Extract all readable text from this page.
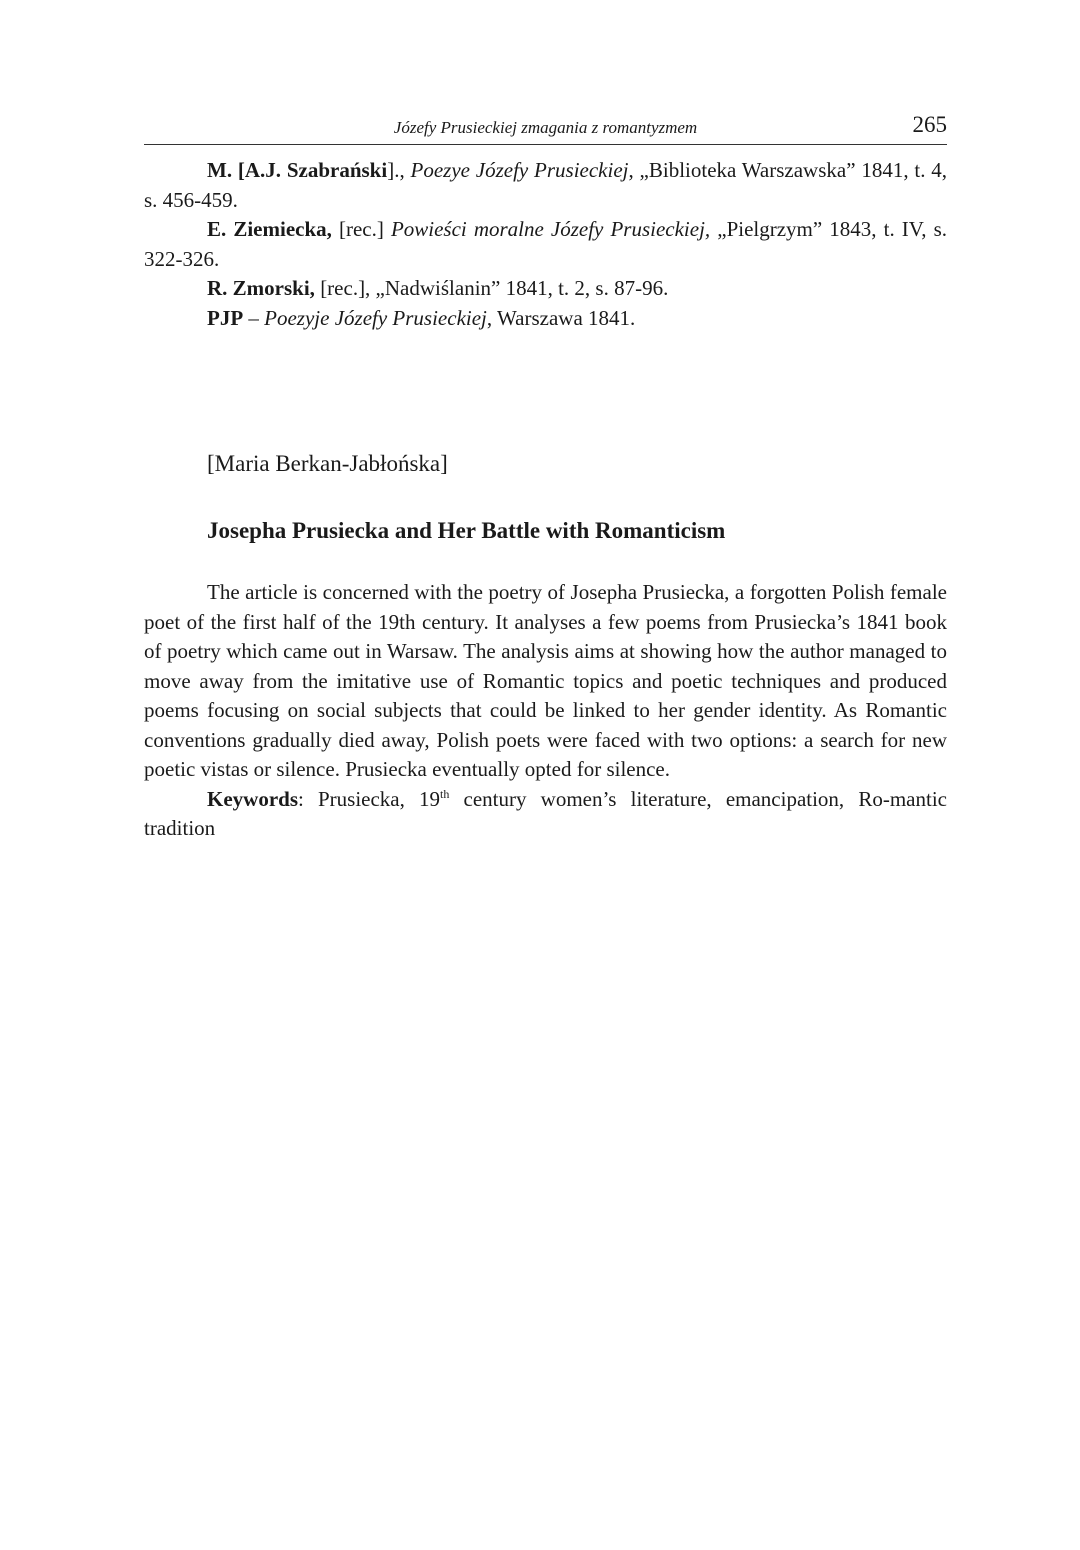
Józefy Prusieckiej zmagania z romantyzmem	265

M. [A.J. Szabrański]., Poezye Józefy Prusieckiej, „Biblioteka Warszawska” 1841, t. 4, s. 456-459.

E. Ziemiecka, [rec.] Powieści moralne Józefy Prusieckiej, „Pielgrzym” 1843, t. IV, s. 322-326.

R. Zmorski, [rec.], „Nadwiślanin” 1841, t. 2, s. 87-96.

PJP – Poezyje Józefy Prusieckiej, Warszawa 1841.

[Maria Berkan-Jabłońska]
Josepha Prusiecka and Her Battle with Romanticism

The article is concerned with the poetry of Josepha Prusiecka, a forgotten Polish female poet of the first half of the 19th century. It analyses a few poems from Prusiecka’s 1841 book of poetry which came out in Warsaw. The analysis aims at showing how the author managed to move away from the imitative use of Romantic topics and poetic techniques and produced poems focusing on social subjects that could be linked to her gender identity. As Romantic conventions gradually died away, Polish poets were faced with two options: a search for new poetic vistas or silence. Prusiecka eventually opted for silence.

Keywords: Prusiecka, 19th century women’s literature, emancipation, Ro-mantic tradition
